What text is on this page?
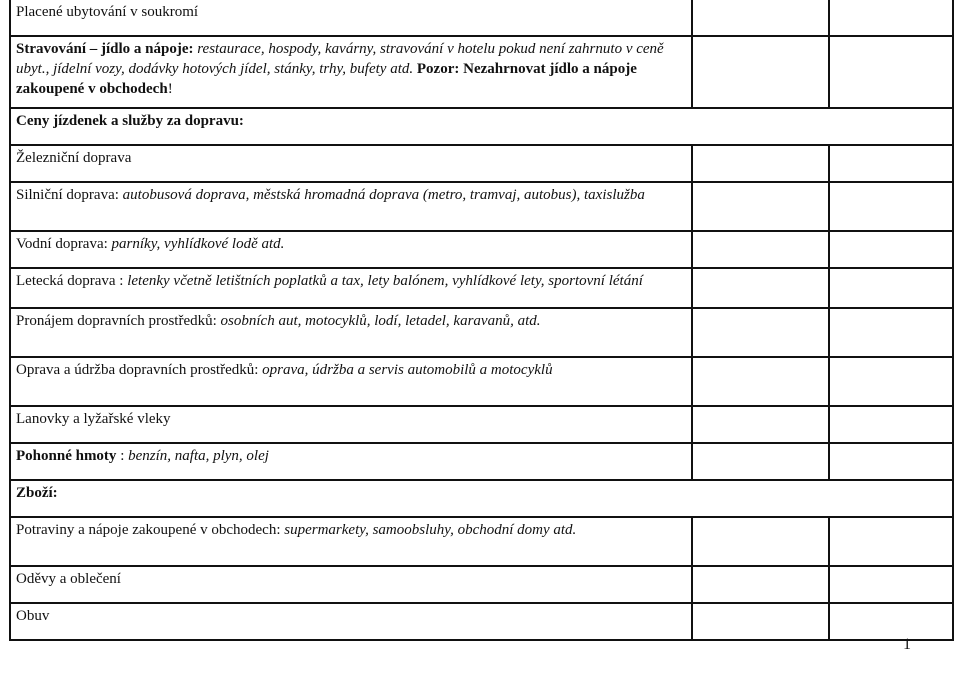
Placené ubytování v soukromí		
Stravování – jídlo a nápoje: restaurace, hospody, kavárny, stravování v hotelu pokud není zahrnuto v ceně ubyt., jídelní vozy, dodávky hotových jídel, stánky, trhy, bufety atd. Pozor: Nezahrnovat jídlo a nápoje zakoupené v obchodech!		
Ceny jízdenek a služby za dopravu:		
Železniční doprava		
Silniční doprava: autobusová doprava, městská hromadná doprava (metro, tramvaj, autobus), taxislužba		
Vodní doprava: parníky, vyhlídkové lodě atd.		

Letecká doprava : letenky včetně letištních poplatků a tax, lety balónem, vyhlídkové lety, sportovní létání		

Pronájem dopravních prostředků: osobních aut, motocyklů, lodí, letadel, karavanů, atd.		
Oprava a údržba dopravních prostředků: oprava, údržba a servis automobilů a motocyklů		
Lanovky a lyžařské vleky		
Pohonné hmoty : benzín, nafta, plyn, olej		
Zboží:		
Potraviny a nápoje zakoupené v obchodech: supermarkety, samoobsluhy, obchodní domy atd.		
Oděvy a oblečení		
Obuv		
1
